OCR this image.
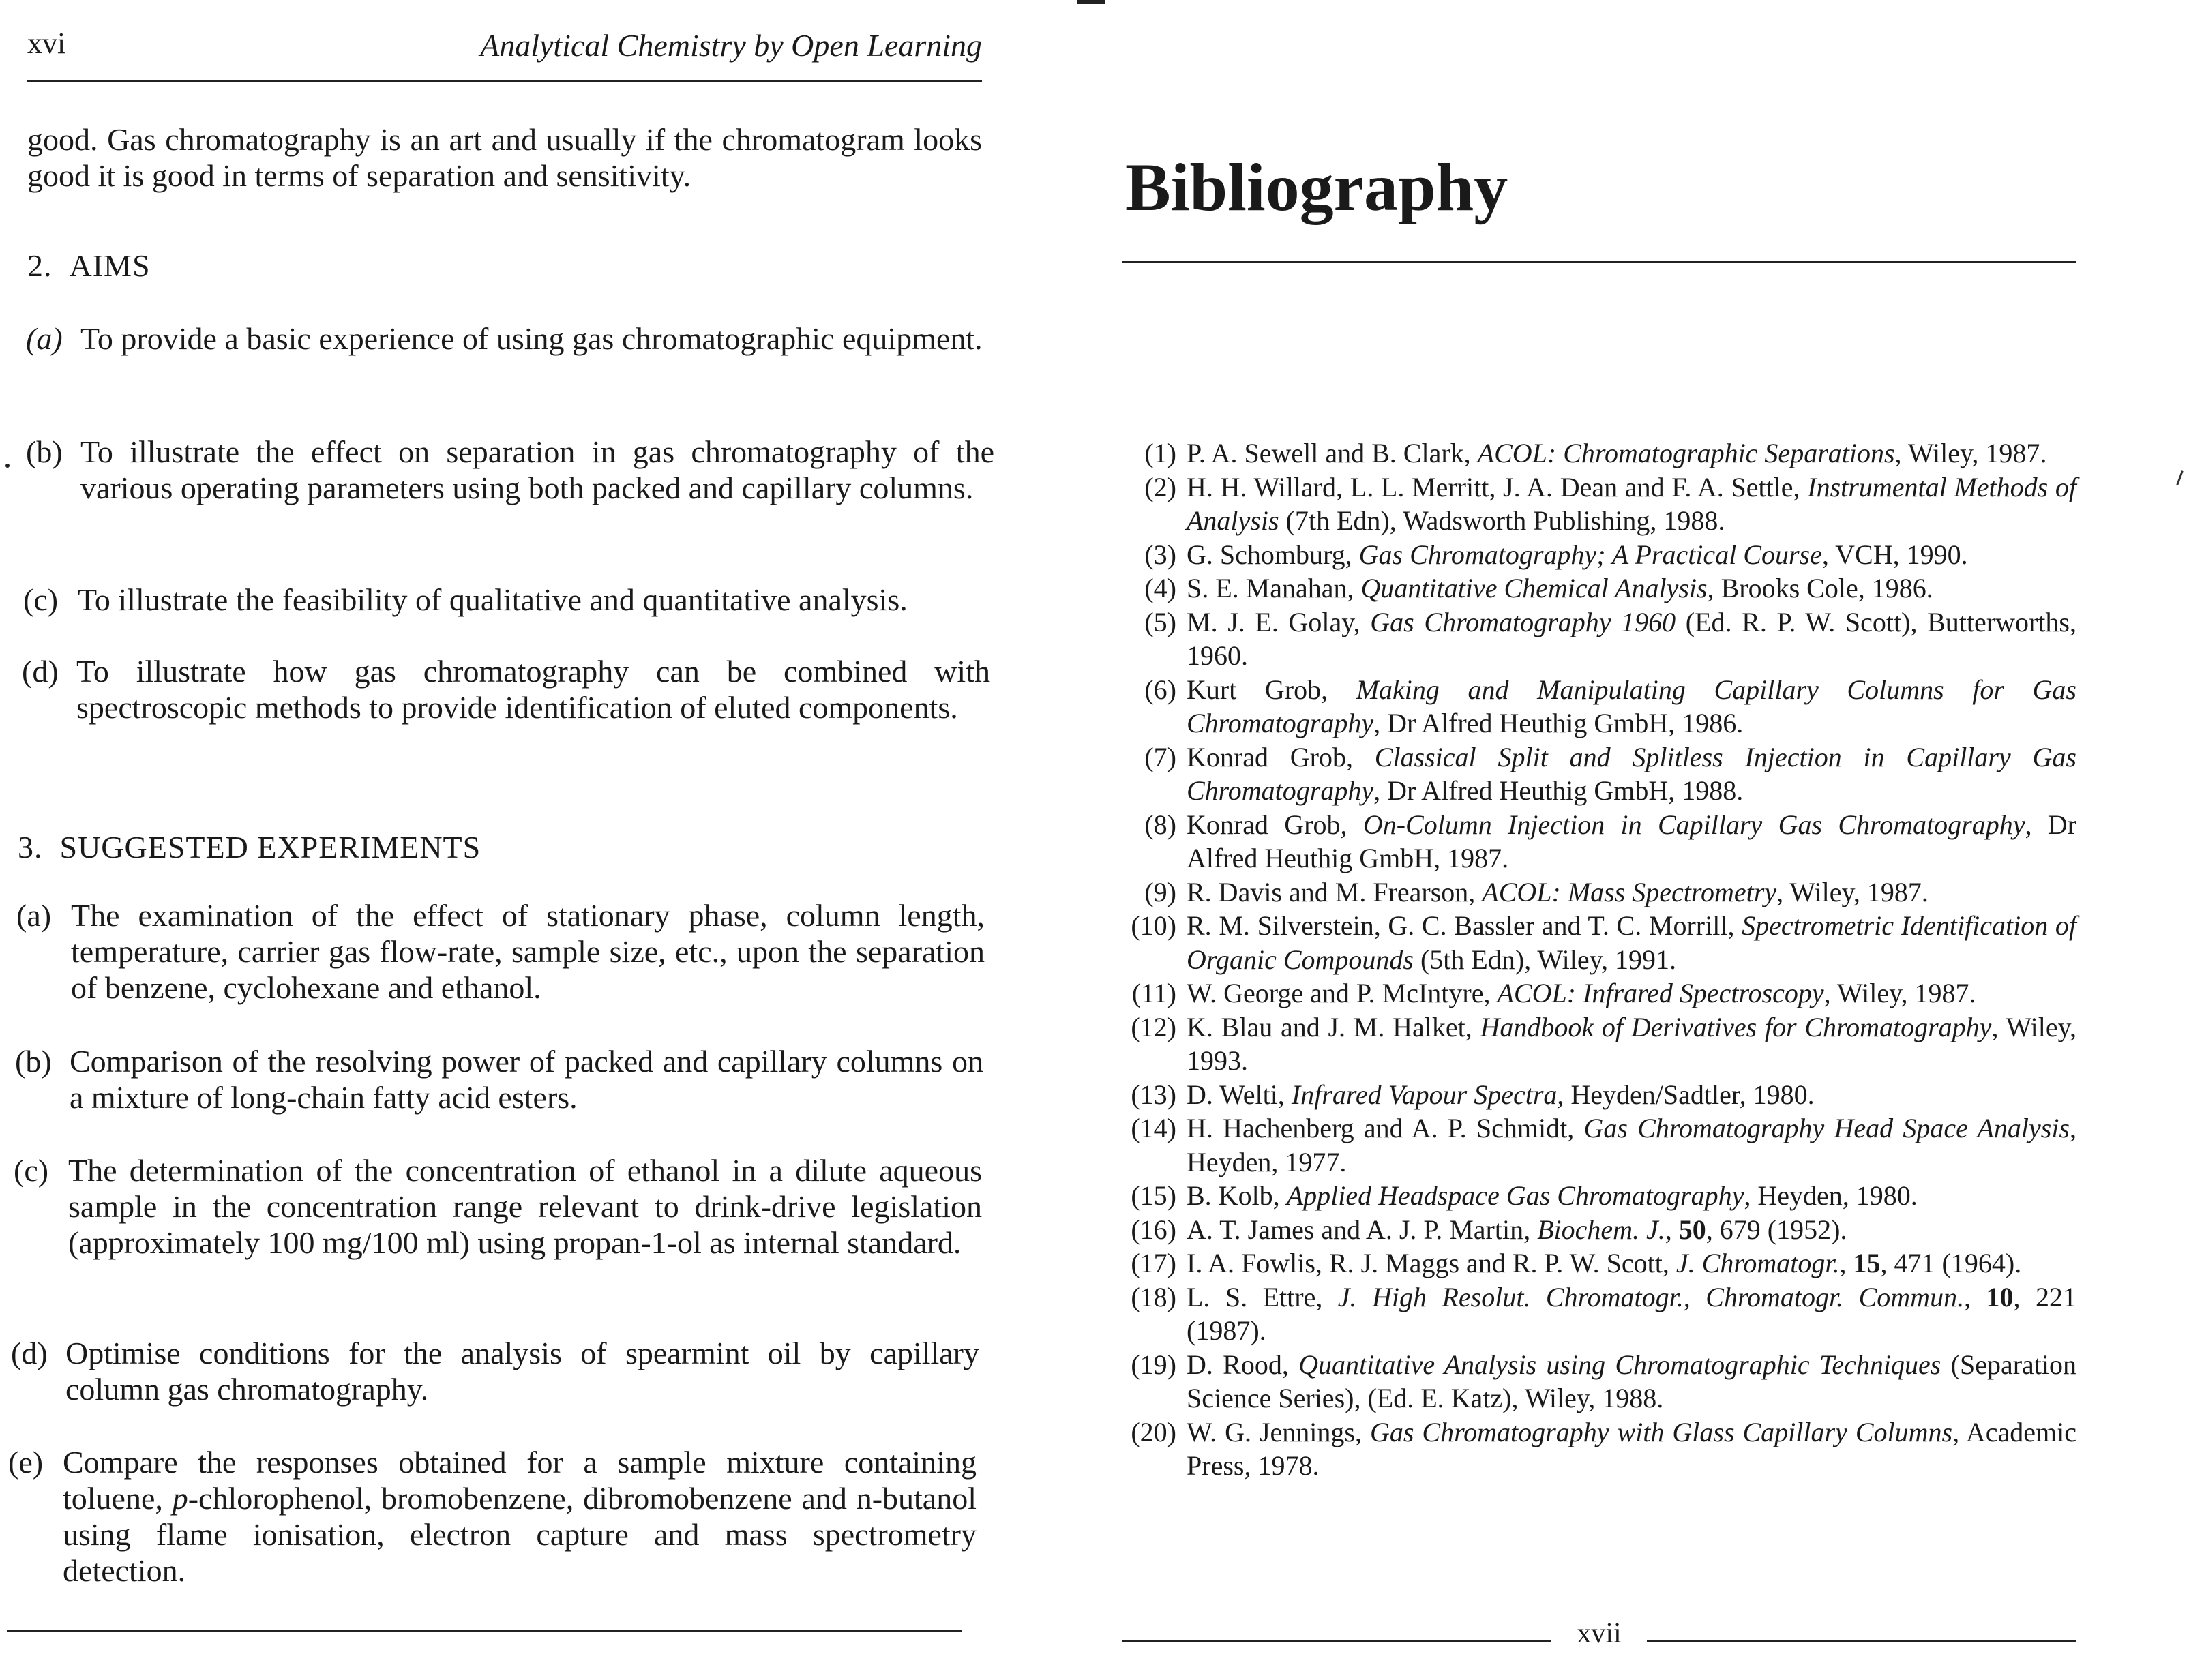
xvi	Analytical Chemistry by Open Learning

good. Gas chromatography is an art and usually if the chromatogram looks good it is good in terms of separation and sensitivity.

2.  AIMS
(a) To provide a basic experience of using gas chromatographic equipment.
(b) To illustrate the effect on separation in gas chromatography of the various operating parameters using both packed and capillary columns.
(c) To illustrate the feasibility of qualitative and quantitative analysis.
(d) To illustrate how gas chromatography can be combined with spectroscopic methods to provide identification of eluted components.
3.  SUGGESTED EXPERIMENTS
(a) The examination of the effect of stationary phase, column length, temperature, carrier gas flow-rate, sample size, etc., upon the separation of benzene, cyclohexane and ethanol.
(b) Comparison of the resolving power of packed and capillary columns on a mixture of long-chain fatty acid esters.
(c) The determination of the concentration of ethanol in a dilute aqueous sample in the concentration range relevant to drink-drive legislation (approximately 100 mg/100 ml) using propan-1-ol as internal standard.
(d) Optimise conditions for the analysis of spearmint oil by capillary column gas chromatography.
(e) Compare the responses obtained for a sample mixture containing toluene, p-chlorophenol, bromobenzene, dibromobenzene and n-butanol using flame ionisation, electron capture and mass spectrometry detection.
Bibliography
(1) P. A. Sewell and B. Clark, ACOL: Chromatographic Separations, Wiley, 1987.
(2) H. H. Willard, L. L. Merritt, J. A. Dean and F. A. Settle, Instrumental Methods of Analysis (7th Edn), Wadsworth Publishing, 1988.
(3) G. Schomburg, Gas Chromatography; A Practical Course, VCH, 1990.
(4) S. E. Manahan, Quantitative Chemical Analysis, Brooks Cole, 1986.
(5) M. J. E. Golay, Gas Chromatography 1960 (Ed. R. P. W. Scott), Butterworths, 1960.
(6) Kurt Grob, Making and Manipulating Capillary Columns for Gas Chromatography, Dr Alfred Heuthig GmbH, 1986.
(7) Konrad Grob, Classical Split and Splitless Injection in Capillary Gas Chromatography, Dr Alfred Heuthig GmbH, 1988.
(8) Konrad Grob, On-Column Injection in Capillary Gas Chromatography, Dr Alfred Heuthig GmbH, 1987.
(9) R. Davis and M. Frearson, ACOL: Mass Spectrometry, Wiley, 1987.
(10) R. M. Silverstein, G. C. Bassler and T. C. Morrill, Spectrometric Identification of Organic Compounds (5th Edn), Wiley, 1991.
(11) W. George and P. McIntyre, ACOL: Infrared Spectroscopy, Wiley, 1987.
(12) K. Blau and J. M. Halket, Handbook of Derivatives for Chromatography, Wiley, 1993.
(13) D. Welti, Infrared Vapour Spectra, Heyden/Sadtler, 1980.
(14) H. Hachenberg and A. P. Schmidt, Gas Chromatography Head Space Analysis, Heyden, 1977.
(15) B. Kolb, Applied Headspace Gas Chromatography, Heyden, 1980.
(16) A. T. James and A. J. P. Martin, Biochem. J., 50, 679 (1952).
(17) I. A. Fowlis, R. J. Maggs and R. P. W. Scott, J. Chromatogr., 15, 471 (1964).
(18) L. S. Ettre, J. High Resolut. Chromatogr., Chromatogr. Commun., 10, 221 (1987).
(19) D. Rood, Quantitative Analysis using Chromatographic Techniques (Separation Science Series), (Ed. E. Katz), Wiley, 1988.
(20) W. G. Jennings, Gas Chromatography with Glass Capillary Columns, Academic Press, 1978.
xvii
